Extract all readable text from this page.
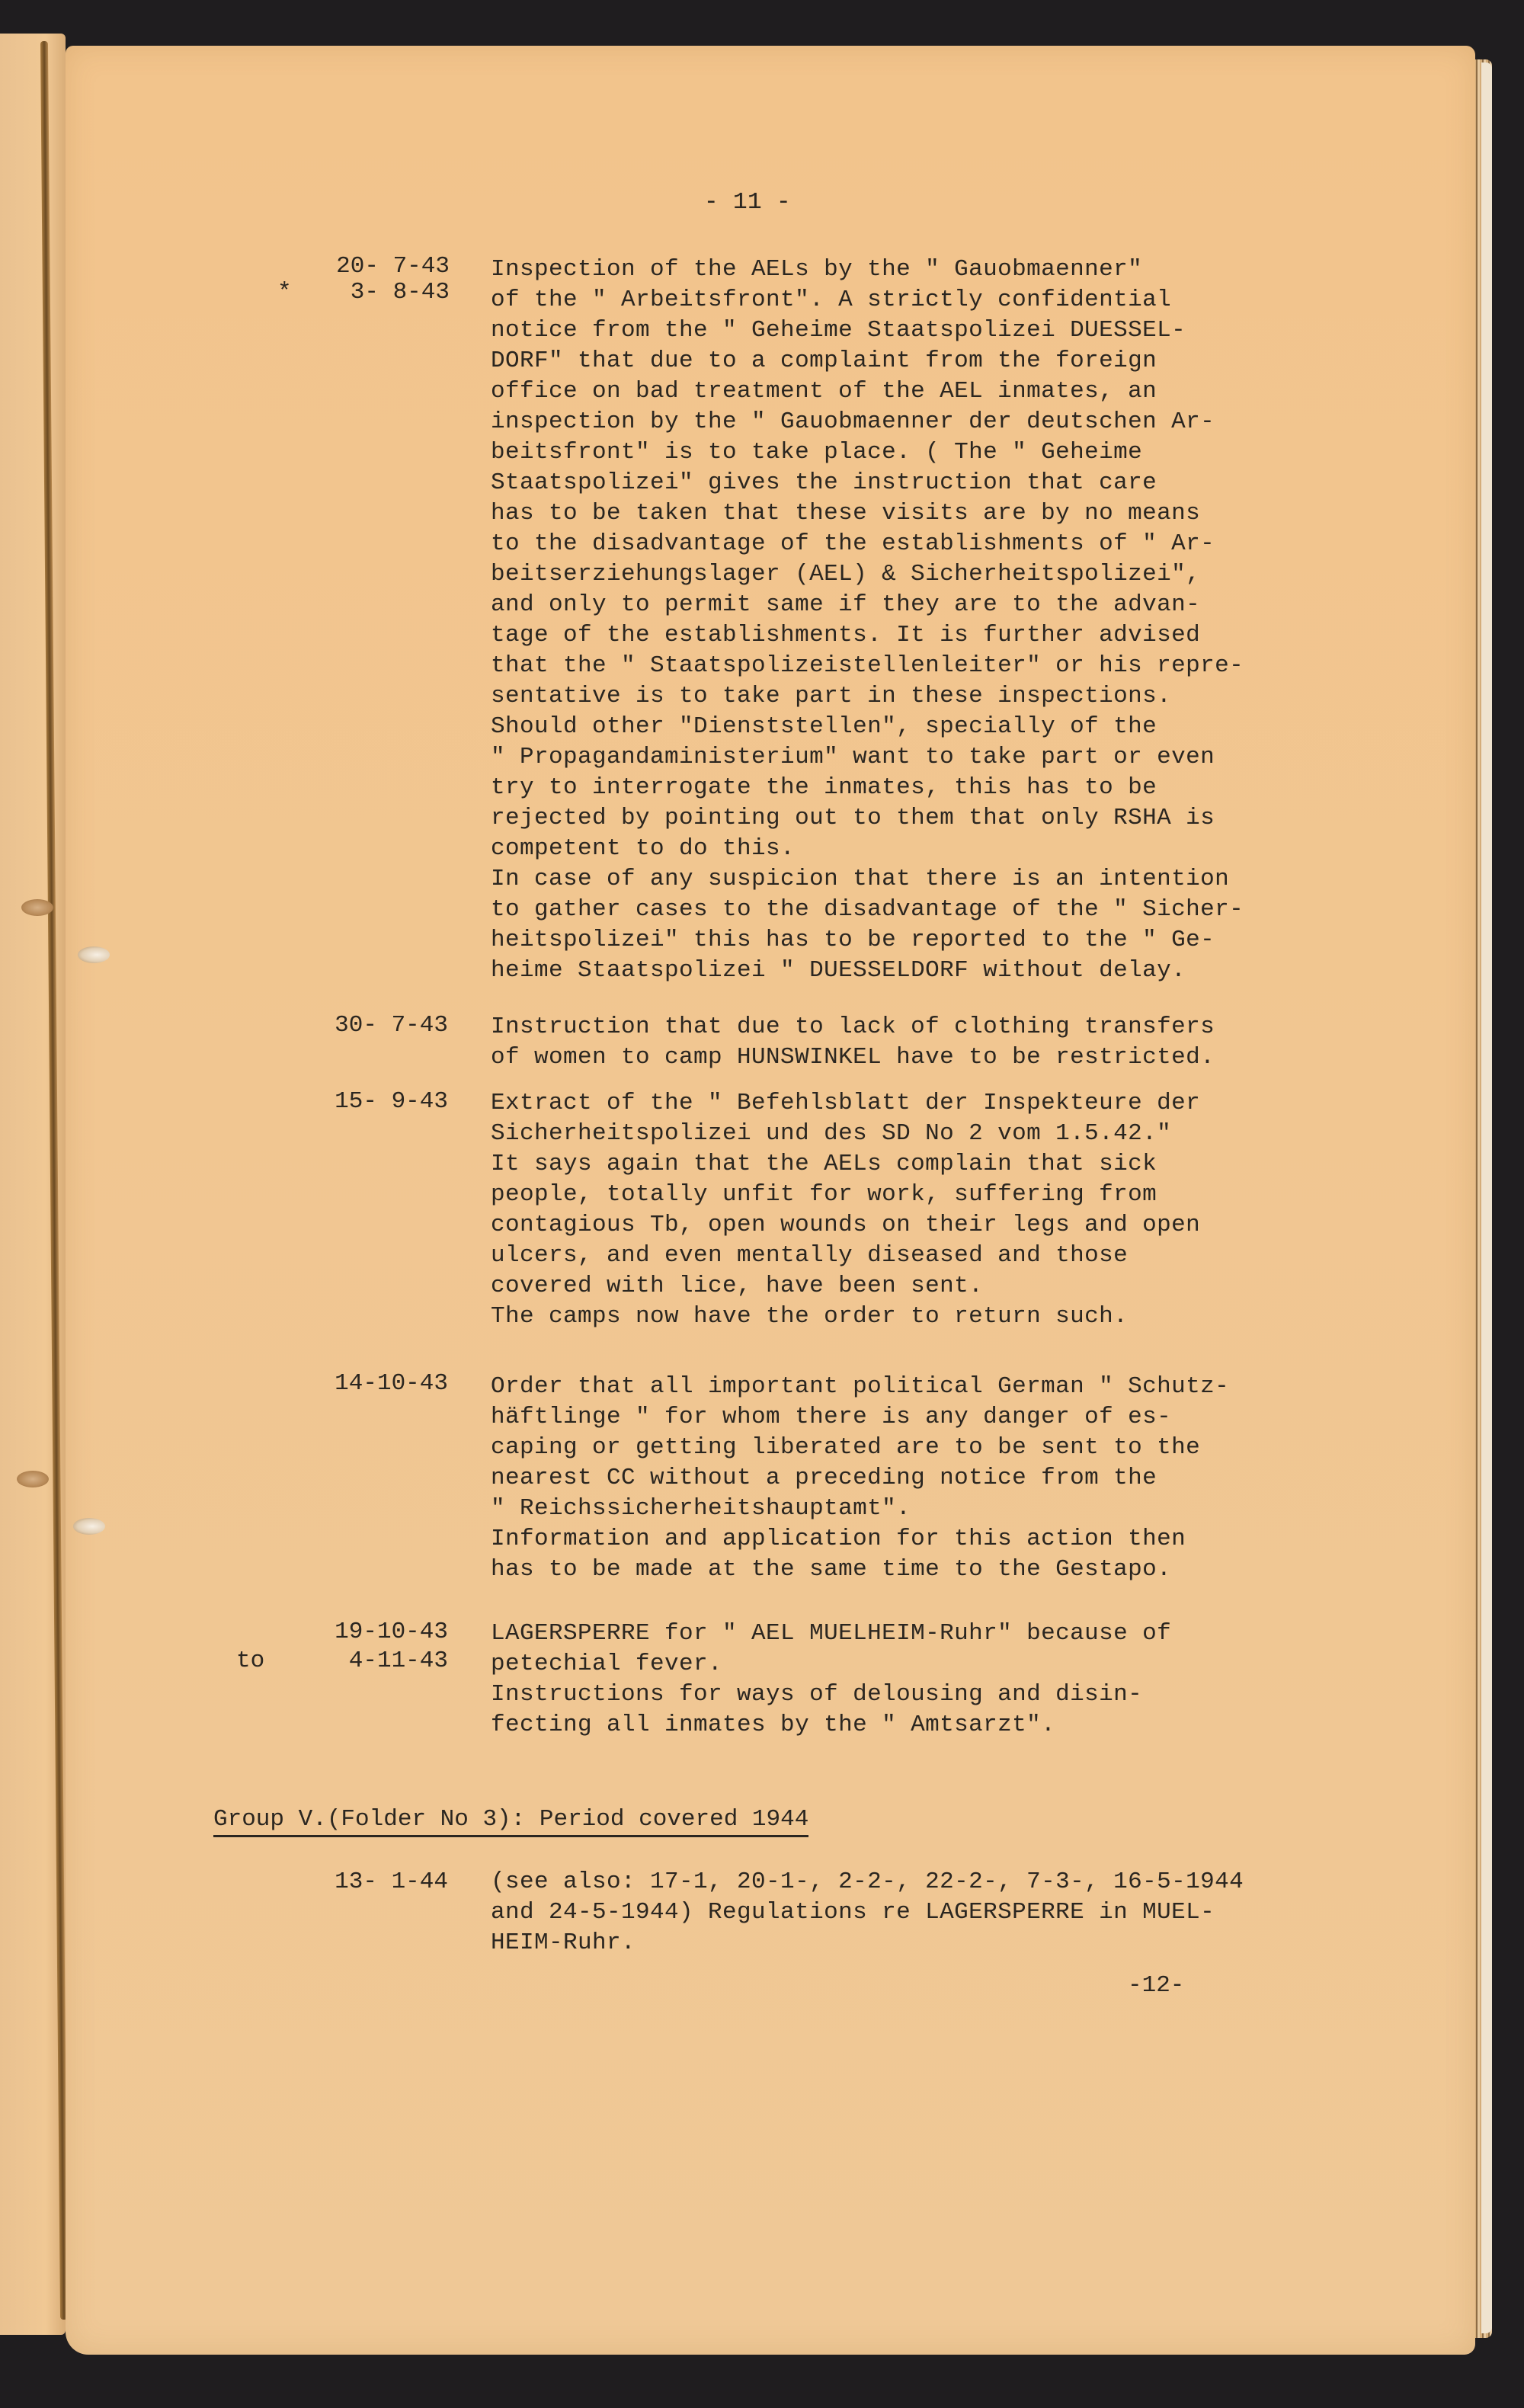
- 11 -
20- 7-43
*	3- 8-43
Inspection of the AELs by the " Gauobmaenner"
of the " Arbeitsfront". A strictly confidential
notice from the " Geheime Staatspolizei DUESSEL-
DORF" that due to a complaint from the foreign
office on bad treatment of the AEL inmates, an
inspection by the " Gauobmaenner der deutschen Ar-
beitsfront" is to take place. ( The " Geheime
Staatspolizei" gives the instruction that care
has to be taken that these visits are by no means
to the disadvantage of the establishments of " Ar-
beitserziehungslager (AEL) & Sicherheitspolizei",
and only to permit same if they are to the advan-
tage of the establishments. It is further advised
that the " Staatspolizeistellenleiter" or his repre-
sentative is to take part in these inspections.
Should other "Dienststellen", specially of the
" Propagandaministerium" want to take part or even
try to interrogate the inmates, this has to be
rejected by pointing out to them that only RSHA is
competent to do this.
In case of any suspicion that there is an intention
to gather cases to the disadvantage of the " Sicher-
heitspolizei" this has to be reported to the " Ge-
heime Staatspolizei " DUESSELDORF without delay.
30- 7-43 Instruction that due to lack of clothing transfers
of women to camp HUNSWINKEL have to be restricted.
15- 9-43 Extract of the " Befehlsblatt der Inspekteure der
Sicherheitspolizei und des SD No 2 vom 1.5.42."
It says again that the AELs complain that sick
people, totally unfit for work, suffering from
contagious Tb, open wounds on their legs and open
ulcers, and even mentally diseased and those
covered with lice, have been sent.
The camps now have the order to return such.
14-10-43 Order that all important political German " Schutz-
häftlinge " for whom there is any danger of es-
caping or getting liberated are to be sent to the
nearest CC without a preceding notice from the
" Reichssicherheitshauptamt".
Information and application for this action then
has to be made at the same time to the Gestapo.
19-10-43
to	4-11-43
LAGERSPERRE for " AEL MUELHEIM-Ruhr" because of
petechial fever.
Instructions for ways of delousing and disin-
fecting all inmates by the " Amtsarzt".
Group V.(Folder No 3): Period covered 1944
13- 1-44 (see also: 17-1, 20-1-, 2-2-, 22-2-, 7-3-, 16-5-1944
and 24-5-1944) Regulations re LAGERSPERRE in MUEL-
HEIM-Ruhr.
-12-
